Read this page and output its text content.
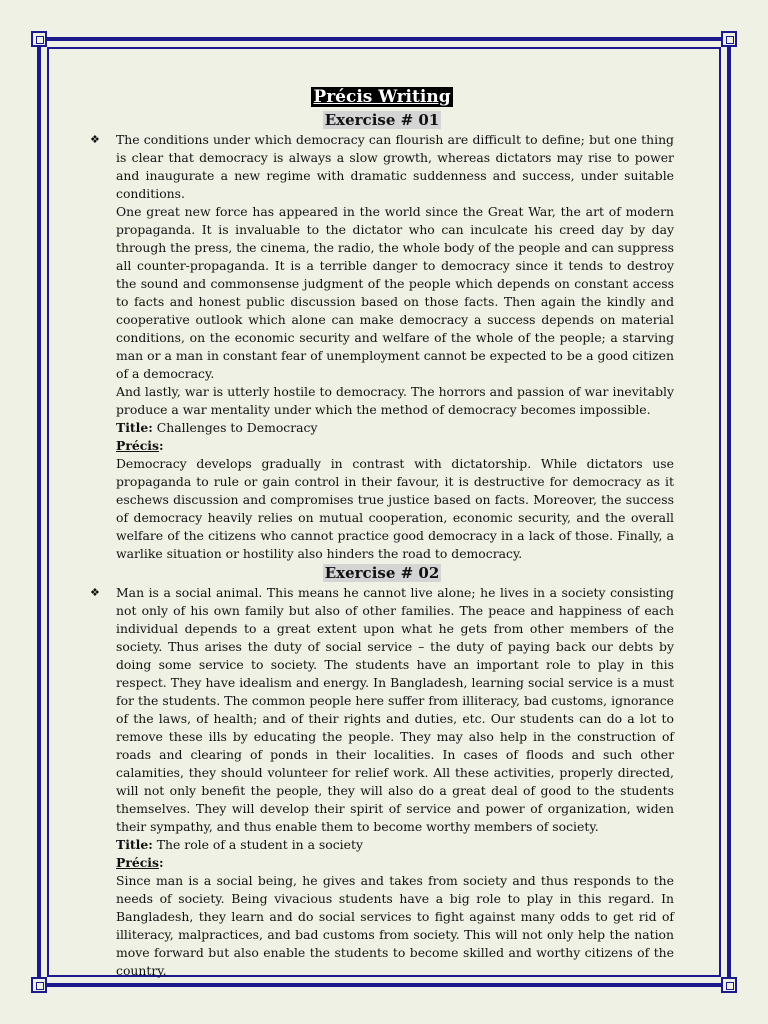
Précis Writing
Exercise # 01
❖	The conditions under which democracy can flourish are difficult to define; but one thing is clear that democracy is always a slow growth, whereas dictators may rise to power and inaugurate a new regime with dramatic suddenness and success, under suitable conditions.

One great new force has appeared in the world since the Great War, the art of modern propaganda. It is invaluable to the dictator who can inculcate his creed day by day through the press, the cinema, the radio, the whole body of the people and can suppress all counter-propaganda. It is a terrible danger to democracy since it tends to destroy the sound and commonsense judgment of the people which depends on constant access to facts and honest public discussion based on those facts. Then again the kindly and cooperative outlook which alone can make democracy a success depends on material conditions, on the economic security and welfare of the whole of the people; a starving man or a man in constant fear of unemployment cannot be expected to be a good citizen of a democracy.

And lastly, war is utterly hostile to democracy. The horrors and passion of war inevitably produce a war mentality under which the method of democracy becomes impossible.

Title: Challenges to Democracy

Précis:

Democracy develops gradually in contrast with dictatorship. While dictators use propaganda to rule or gain control in their favour, it is destructive for democracy as it eschews discussion and compromises true justice based on facts. Moreover, the success of democracy heavily relies on mutual cooperation, economic security, and the overall welfare of the citizens who cannot practice good democracy in a lack of those. Finally, a warlike situation or hostility also hinders the road to democracy.

Exercise # 02
❖	Man is a social animal. This means he cannot live alone; he lives in a society consisting not only of his own family but also of other families. The peace and happiness of each individual depends to a great extent upon what he gets from other members of the society. Thus arises the duty of social service – the duty of paying back our debts by doing some service to society. The students have an important role to play in this respect. They have idealism and energy. In Bangladesh, learning social service is a must for the students. The common people here suffer from illiteracy, bad customs, ignorance of the laws, of health; and of their rights and duties, etc. Our students can do a lot to remove these ills by educating the people. They may also help in the construction of roads and clearing of ponds in their localities. In cases of floods and such other calamities, they should volunteer for relief work. All these activities, properly directed, will not only benefit the people, they will also do a great deal of good to the students themselves. They will develop their spirit of service and power of organization, widen their sympathy, and thus enable them to become worthy members of society.

Title: The role of a student in a society

Précis:

Since man is a social being, he gives and takes from society and thus responds to the needs of society. Being vivacious students have a big role to play in this regard. In Bangladesh, they learn and do social services to fight against many odds to get rid of illiteracy, malpractices, and bad customs from society. This will not only help the nation move forward but also enable the students to become skilled and worthy citizens of the country.
